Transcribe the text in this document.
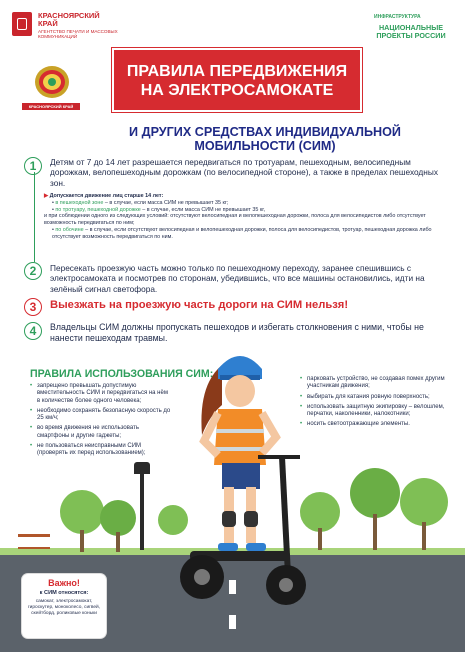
КРАСНОЯРСКИЙ КРАЙ
АГЕНТСТВО ПЕЧАТИ И МАССОВЫХ КОММУНИКАЦИЙ
КРАСНОЯРСКИЙ КРАЙ
ИНФРАСТРУКТУРА
НАЦИОНАЛЬНЫЕ ПРОЕКТЫ РОССИИ
ПРАВИЛА ПЕРЕДВИЖЕНИЯ
НА ЭЛЕКТРОСАМОКАТЕ
И ДРУГИХ СРЕДСТВАХ ИНДИВИДУАЛЬНОЙ
МОБИЛЬНОСТИ (СИМ)
1	Детям от 7 до 14 лет разрешается передвигаться по тротуарам, пешеходным, велосипедным дорожкам, велопешеходным дорожкам (по велосипедной стороне), а также в пределах пешеходных зон.
▶ Допускается движение лиц старше 14 лет:
• в пешеходной зоне – в случае, если масса СИМ не превышает 35 кг;
• по тротуару, пешеходной дорожке – в случае, если масса СИМ не превышает 35 кг,
и при соблюдении одного из следующих условий: отсутствуют велосипедная и велопешеходная дорожки, полоса для велосипедистов либо отсутствует возможность передвигаться по ним;
• по обочине – в случае, если отсутствуют велосипедная и велопешеходная дорожки, полоса для велосипедистов, тротуар, пешеходная дорожка либо отсутствует возможность передвигаться по ним.
2	Пересекать проезжую часть можно только по пешеходному переходу, заранее спешившись с электросамоката и посмотрев по сторонам, убедившись, что все машины остановились, идти на зелёный сигнал светофора.
3	Выезжать на проезжую часть дороги на СИМ нельзя!
4	Владельцы СИМ должны пропускать пешеходов и избегать столкновения с ними, чтобы не нанести пешеходам травмы.
ПРАВИЛА ИСПОЛЬЗОВАНИЯ СИМ:
• запрещено превышать допустимую вместительность СИМ и передвигаться на нём в количестве более одного человека;
• необходимо сохранять безопасную скорость до 25 км/ч;
• во время движения не использовать смартфоны и другие гаджеты;
• не пользоваться неисправными СИМ (проверять их перед использованием);
• парковать устройство, не создавая помех другим участникам движения;
• выбирать для катания ровную поверхность;
• использовать защитную экипировку – велошлем, перчатки, наколенники, налокотники;
• носить светоотражающие элементы.
Важно!
к СИМ относятся:
самокат, электросамокат, гироскутер, моноколесо, сигвей, скейтборд, роликовые коньки
